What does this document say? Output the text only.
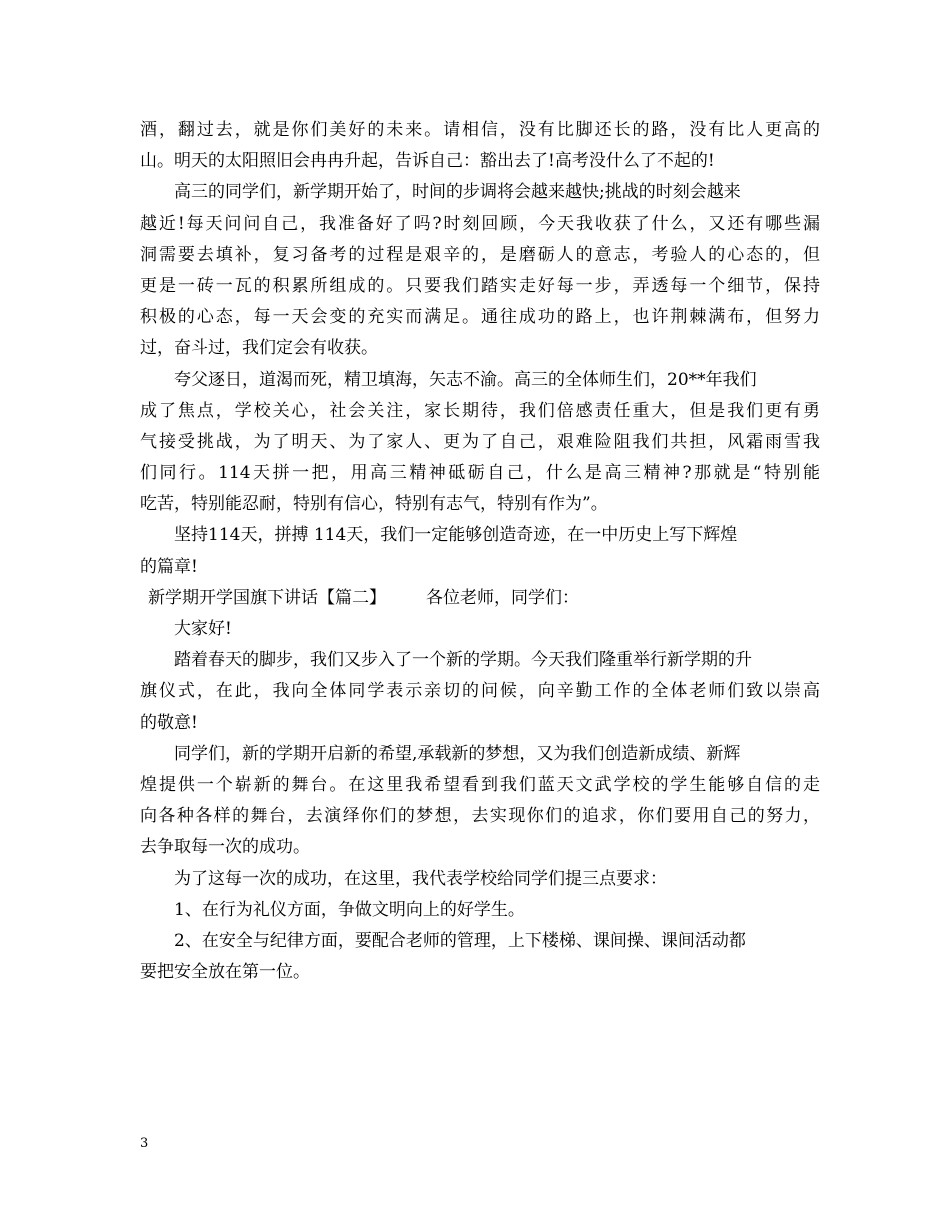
酒，翻过去，就是你们美好的未来。请相信，没有比脚还长的路，没有比人更高的
山。明天的太阳照旧会冉冉升起，告诉自己：豁出去了!高考没什么了不起的!
高三的同学们，新学期开始了，时间的步调将会越来越快;挑战的时刻会越来
越近!每天问问自己，我准备好了吗?时刻回顾，今天我收获了什么，又还有哪些漏
洞需要去填补，复习备考的过程是艰辛的，是磨砺人的意志，考验人的心态的，但
更是一砖一瓦的积累所组成的。只要我们踏实走好每一步，弄透每一个细节，保持
积极的心态，每一天会变的充实而满足。通往成功的路上，也许荆棘满布，但努力
过，奋斗过，我们定会有收获。
夸父逐日，道渴而死，精卫填海，矢志不渝。高三的全体师生们，20**年我们
成了焦点，学校关心，社会关注，家长期待，我们倍感责任重大，但是我们更有勇
气接受挑战，为了明天、为了家人、更为了自己，艰难险阻我们共担，风霜雨雪我
们同行。114天拼一把，用高三精神砥砺自己，什么是高三精神?那就是“特别能
吃苦，特别能忍耐，特别有信心，特别有志气，特别有作为”。
坚持114天，拼搏 114天，我们一定能够创造奇迹，在一中历史上写下辉煌
的篇章!
新学期开学国旗下讲话【篇二】 各位老师，同学们：
大家好!
踏着春天的脚步，我们又步入了一个新的学期。今天我们隆重举行新学期的升
旗仪式，在此，我向全体同学表示亲切的问候，向辛勤工作的全体老师们致以崇高
的敬意!
同学们，新的学期开启新的希望,承载新的梦想，又为我们创造新成绩、新辉
煌提供一个崭新的舞台。在这里我希望看到我们蓝天文武学校的学生能够自信的走
向各种各样的舞台，去演绎你们的梦想，去实现你们的追求，你们要用自己的努力，
去争取每一次的成功。
为了这每一次的成功，在这里，我代表学校给同学们提三点要求：
1、在行为礼仪方面，争做文明向上的好学生。
2、在安全与纪律方面，要配合老师的管理，上下楼梯、课间操、课间活动都
要把安全放在第一位。
3
